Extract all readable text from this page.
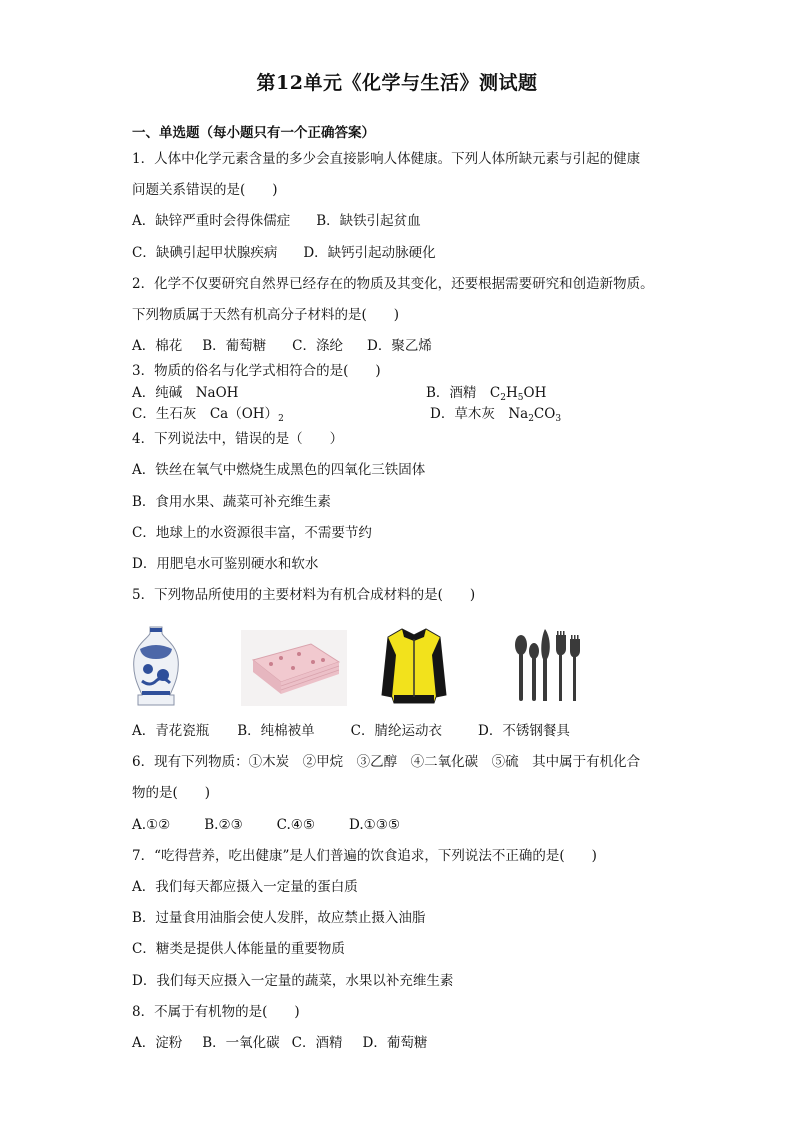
第12单元《化学与生活》测试题
一、单选题（每小题只有一个正确答案）
1．人体中化学元素含量的多少会直接影响人体健康。下列人体所缺元素与引起的健康
问题关系错误的是(　　)
A．缺锌严重时会得侏儒症 B．缺铁引起贫血
C．缺碘引起甲状腺疾病 D．缺钙引起动脉硬化
2．化学不仅要研究自然界已经存在的物质及其变化，还要根据需要研究和创造新物质。
下列物质属于天然有机高分子材料的是(　　)
A．棉花 B．葡萄糖 C．涤纶 D．聚乙烯
3．物质的俗名与化学式相符合的是(　　)
A．纯碱　NaOH	B．酒精　$C_2H_5OH$
C．生石灰　$Ca(OH)_2$	D．草木灰　$Na_2CO_3$
4．下列说法中，错误的是（　　）
A．铁丝在氧气中燃烧生成黑色的四氧化三铁固体
B．食用水果、蔬菜可补充维生素
C．地球上的水资源很丰富，不需要节约
D．用肥皂水可鉴别硬水和软水
5．下列物品所使用的主要材料为有机合成材料的是(　　)
A．青花瓷瓶 B．纯棉被单	C．腈纶运动衣	D．不锈钢餐具
6．现有下列物质：①木炭　②甲烷　③乙醇　④二氧化碳　⑤硫　其中属于有机化合
物的是(　　)
A.①②	B.②③	C.④⑤	D.①③⑤
7．“吃得营养，吃出健康”是人们普遍的饮食追求，下列说法不正确的是(　　)
A．我们每天都应摄入一定量的蛋白质
B．过量食用油脂会使人发胖，故应禁止摄入油脂
C．糖类是提供人体能量的重要物质
D．我们每天应摄入一定量的蔬菜，水果以补充维生素
8．不属于有机物的是(　　)
A．淀粉 B．一氧化碳 C．酒精 D．葡萄糖
